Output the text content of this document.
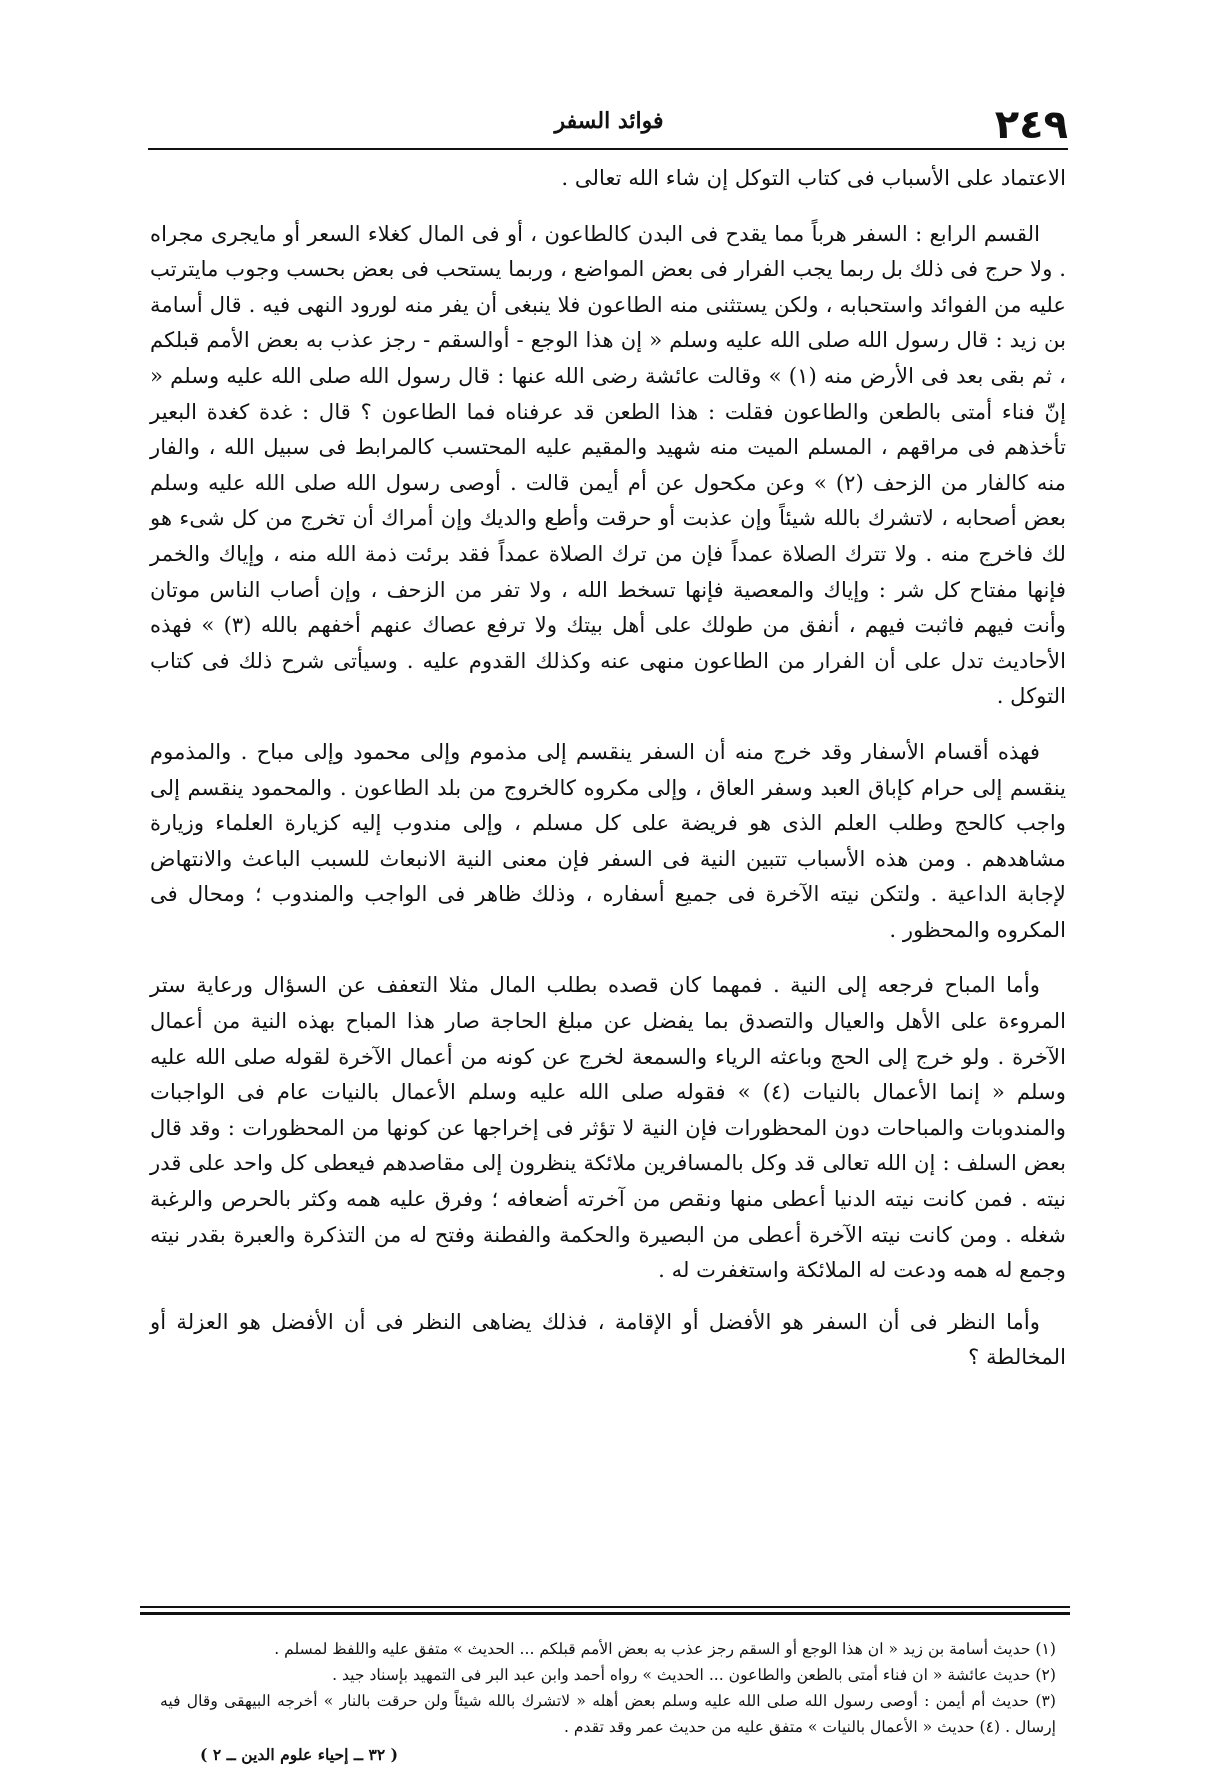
٢٤٩
فوائد السفر

الاعتماد على الأسباب فى كتاب التوكل إن شاء الله تعالى .

القسم الرابع : السفر هرباً مما يقدح فى البدن كالطاعون ، أو فى المال كغلاء السعر أو مايجرى مجراه . ولا حرج فى ذلك بل ربما يجب الفرار فى بعض المواضع ، وربما يستحب فى بعض بحسب وجوب مايترتب عليه من الفوائد واستحبابه ، ولكن يستثنى منه الطاعون فلا ينبغى أن يفر منه لورود النهى فيه . قال أسامة بن زيد : قال رسول الله صلى الله عليه وسلم « إن هذا الوجع - أوالسقم - رجز عذب به بعض الأمم قبلكم ، ثم بقى بعد فى الأرض منه (١) » وقالت عائشة رضى الله عنها : قال رسول الله صلى الله عليه وسلم « إنّ فناء أمتى بالطعن والطاعون فقلت : هذا الطعن قد عرفناه فما الطاعون ؟ قال : غدة كغدة البعير تأخذهم فى مراقهم ، المسلم الميت منه شهيد والمقيم عليه المحتسب كالمرابط فى سبيل الله ، والفار منه كالفار من الزحف (٢) » وعن مكحول عن أم أيمن قالت . أوصى رسول الله صلى الله عليه وسلم بعض أصحابه ، لاتشرك بالله شيئاً وإن عذبت أو حرقت وأطع والديك وإن أمراك أن تخرج من كل شىء هو لك فاخرج منه . ولا تترك الصلاة عمداً فإن من ترك الصلاة عمداً فقد برئت ذمة الله منه ، وإياك والخمر فإنها مفتاح كل شر : وإياك والمعصية فإنها تسخط الله ، ولا تفر من الزحف ، وإن أصاب الناس موتان وأنت فيهم فاثبت فيهم ، أنفق من طولك على أهل بيتك ولا ترفع عصاك عنهم أخفهم بالله (٣) » فهذه الأحاديث تدل على أن الفرار من الطاعون منهى عنه وكذلك القدوم عليه . وسيأتى شرح ذلك فى كتاب التوكل .

فهذه أقسام الأسفار وقد خرج منه أن السفر ينقسم إلى مذموم وإلى محمود وإلى مباح . والمذموم ينقسم إلى حرام كإباق العبد وسفر العاق ، وإلى مكروه كالخروج من بلد الطاعون . والمحمود ينقسم إلى واجب كالحج وطلب العلم الذى هو فريضة على كل مسلم ، وإلى مندوب إليه كزيارة العلماء وزيارة مشاهدهم . ومن هذه الأسباب تتبين النية فى السفر فإن معنى النية الانبعاث للسبب الباعث والانتهاض لإجابة الداعية . ولتكن نيته الآخرة فى جميع أسفاره ، وذلك ظاهر فى الواجب والمندوب ؛ ومحال فى المكروه والمحظور .

وأما المباح فرجعه إلى النية . فمهما كان قصده بطلب المال مثلا التعفف عن السؤال ورعاية ستر المروءة على الأهل والعيال والتصدق بما يفضل عن مبلغ الحاجة صار هذا المباح بهذه النية من أعمال الآخرة . ولو خرج إلى الحج وباعثه الرياء والسمعة لخرج عن كونه من أعمال الآخرة لقوله صلى الله عليه وسلم « إنما الأعمال بالنيات (٤) » فقوله صلى الله عليه وسلم الأعمال بالنيات عام فى الواجبات والمندوبات والمباحات دون المحظورات فإن النية لا تؤثر فى إخراجها عن كونها من المحظورات : وقد قال بعض السلف : إن الله تعالى قد وكل بالمسافرين ملائكة ينظرون إلى مقاصدهم فيعطى كل واحد على قدر نيته . فمن كانت نيته الدنيا أعطى منها ونقص من آخرته أضعافه ؛ وفرق عليه همه وكثر بالحرص والرغبة شغله . ومن كانت نيته الآخرة أعطى من البصيرة والحكمة والفطنة وفتح له من التذكرة والعبرة بقدر نيته وجمع له همه ودعت له الملائكة واستغفرت له .

وأما النظر فى أن السفر هو الأفضل أو الإقامة ، فذلك يضاهى النظر فى أن الأفضل هو العزلة أو المخالطة ؟

(١) حديث أسامة بن زيد « ان هذا الوجع أو السقم رجز عذب به بعض الأمم قبلكم ... الحديث » متفق عليه واللفظ لمسلم .

(٢) حديث عائشة « ان فناء أمتى بالطعن والطاعون ... الحديث » رواه أحمد وابن عبد البر فى التمهيد بإسناد جيد .

(٣) حديث أم أيمن : أوصى رسول الله صلى الله عليه وسلم بعض أهله « لاتشرك بالله شيئاً ولن حرقت بالنار » أخرجه البيهقى وقال فيه إرسال . (٤) حديث « الأعمال بالنيات » متفق عليه من حديث عمر وقد تقدم .

( ٣٢ ــ إحياء علوم الدين ــ ٢ )
